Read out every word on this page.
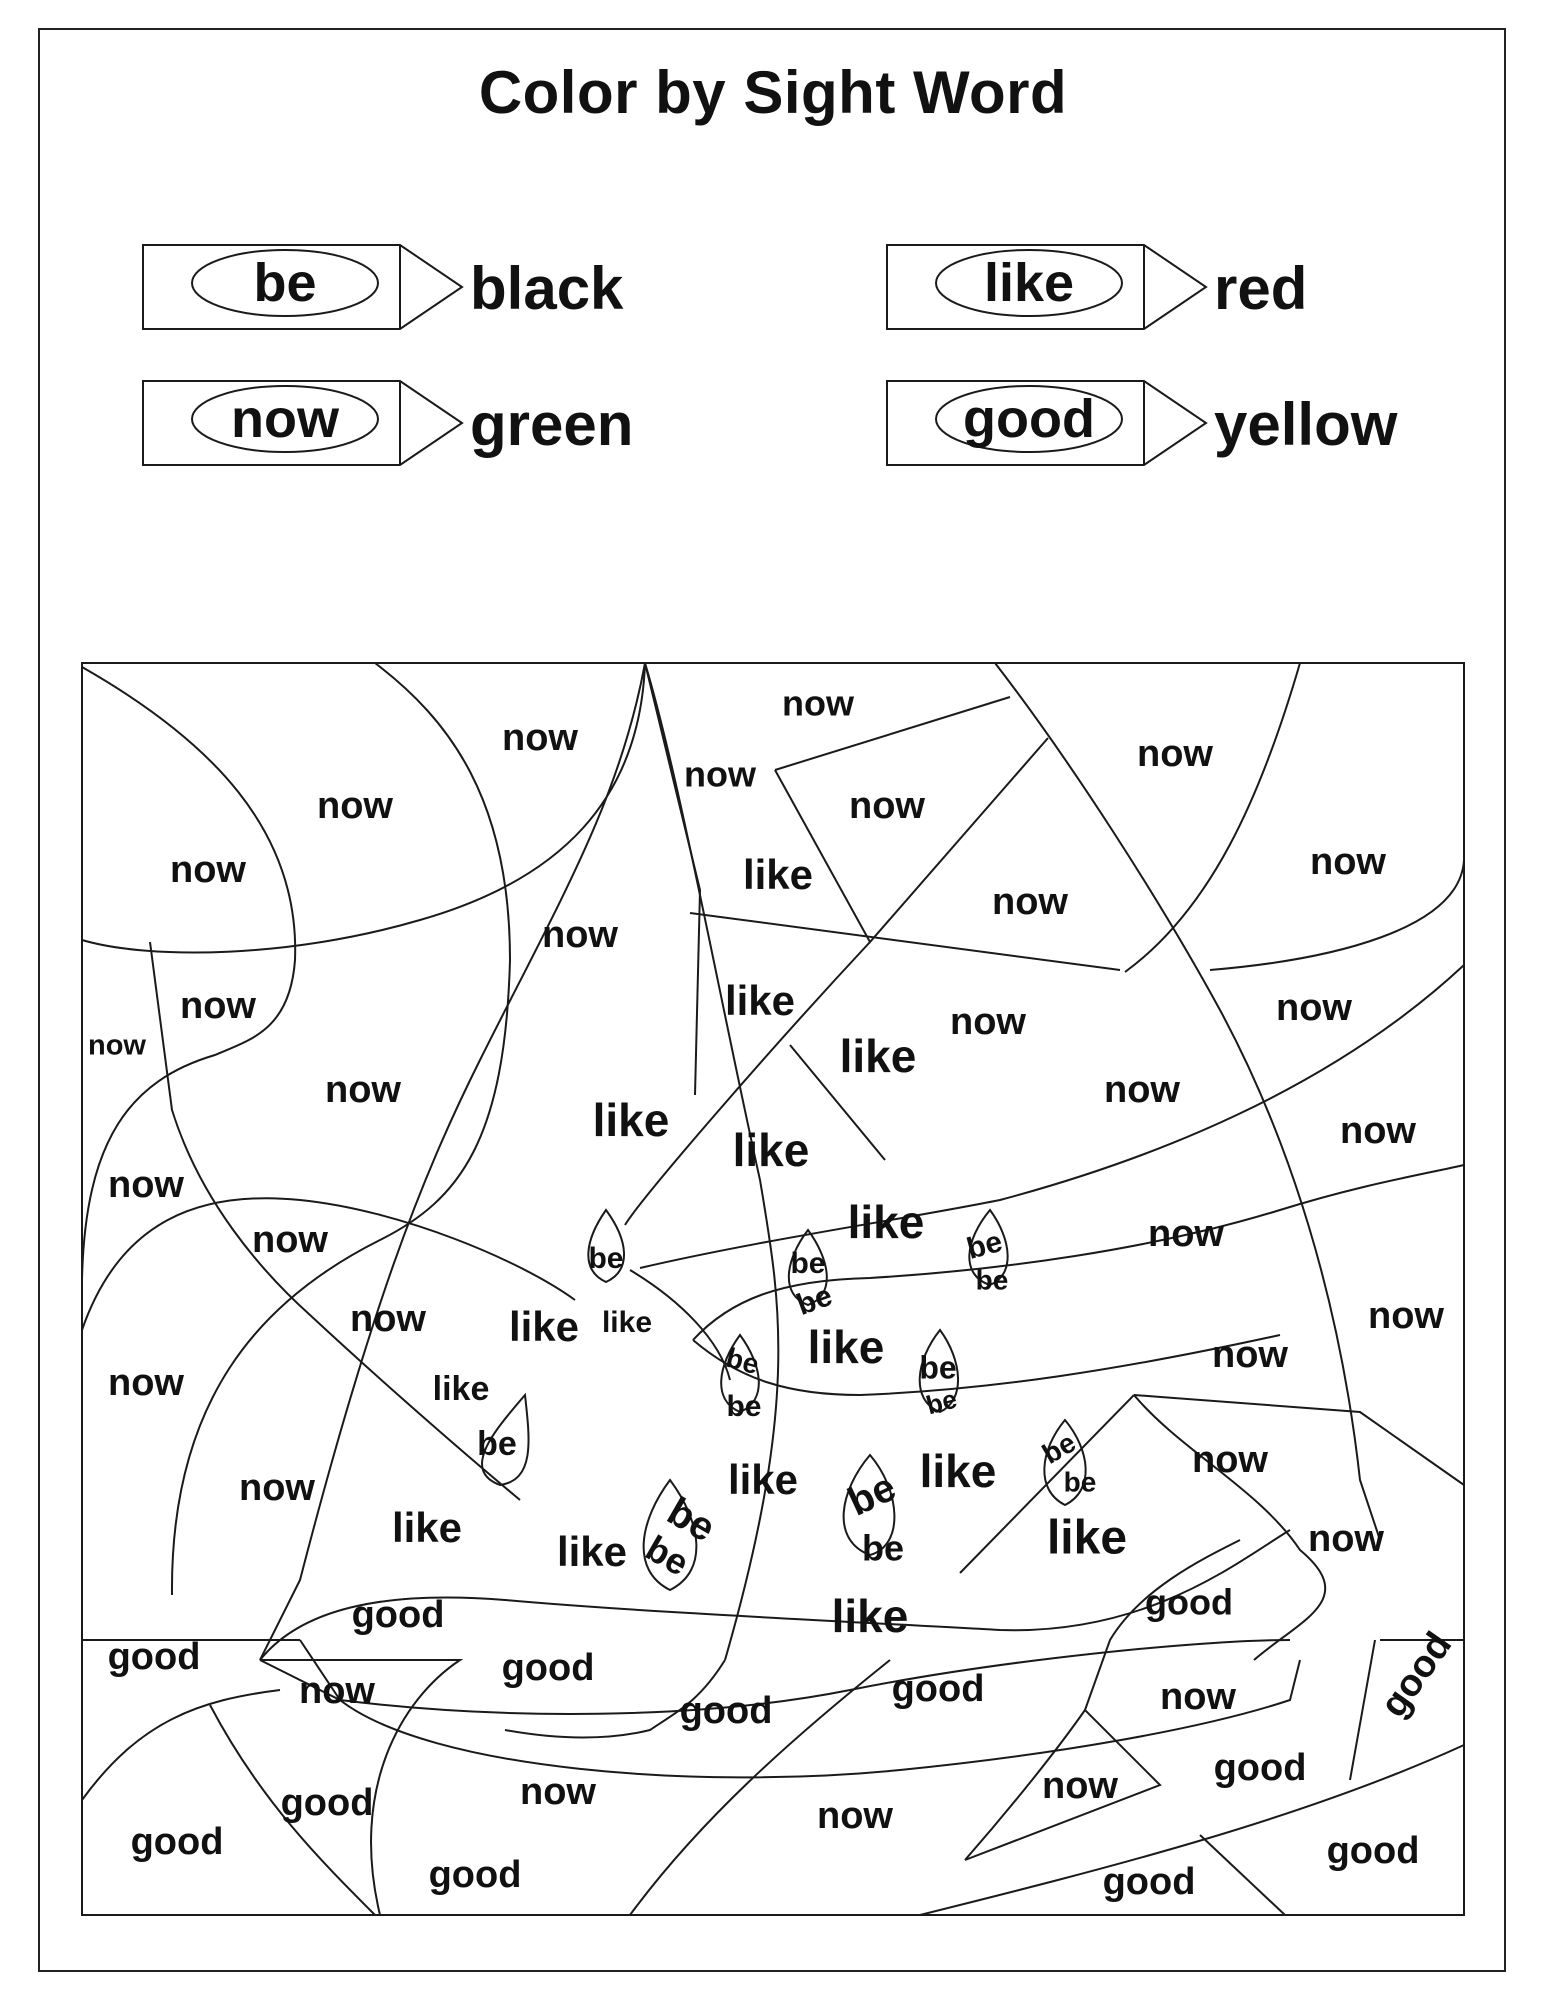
Color by Sight Word
be	black	like	red
now	green	good	yellow
now
now
now
now
now
now
now
now
now
now
now
now
now
now	now
now
now
now
now	now
now
now
now
now
now
now
now
now	now
now	now
now
like
like
like
like
like
like
like like	like
like
like	like
like
like	like
like
be	be
be
be
be
be
be
be
be
be
be
be
be
be
be
be
good
good	good	good
good
good
good
good
good
good
good
good
good
